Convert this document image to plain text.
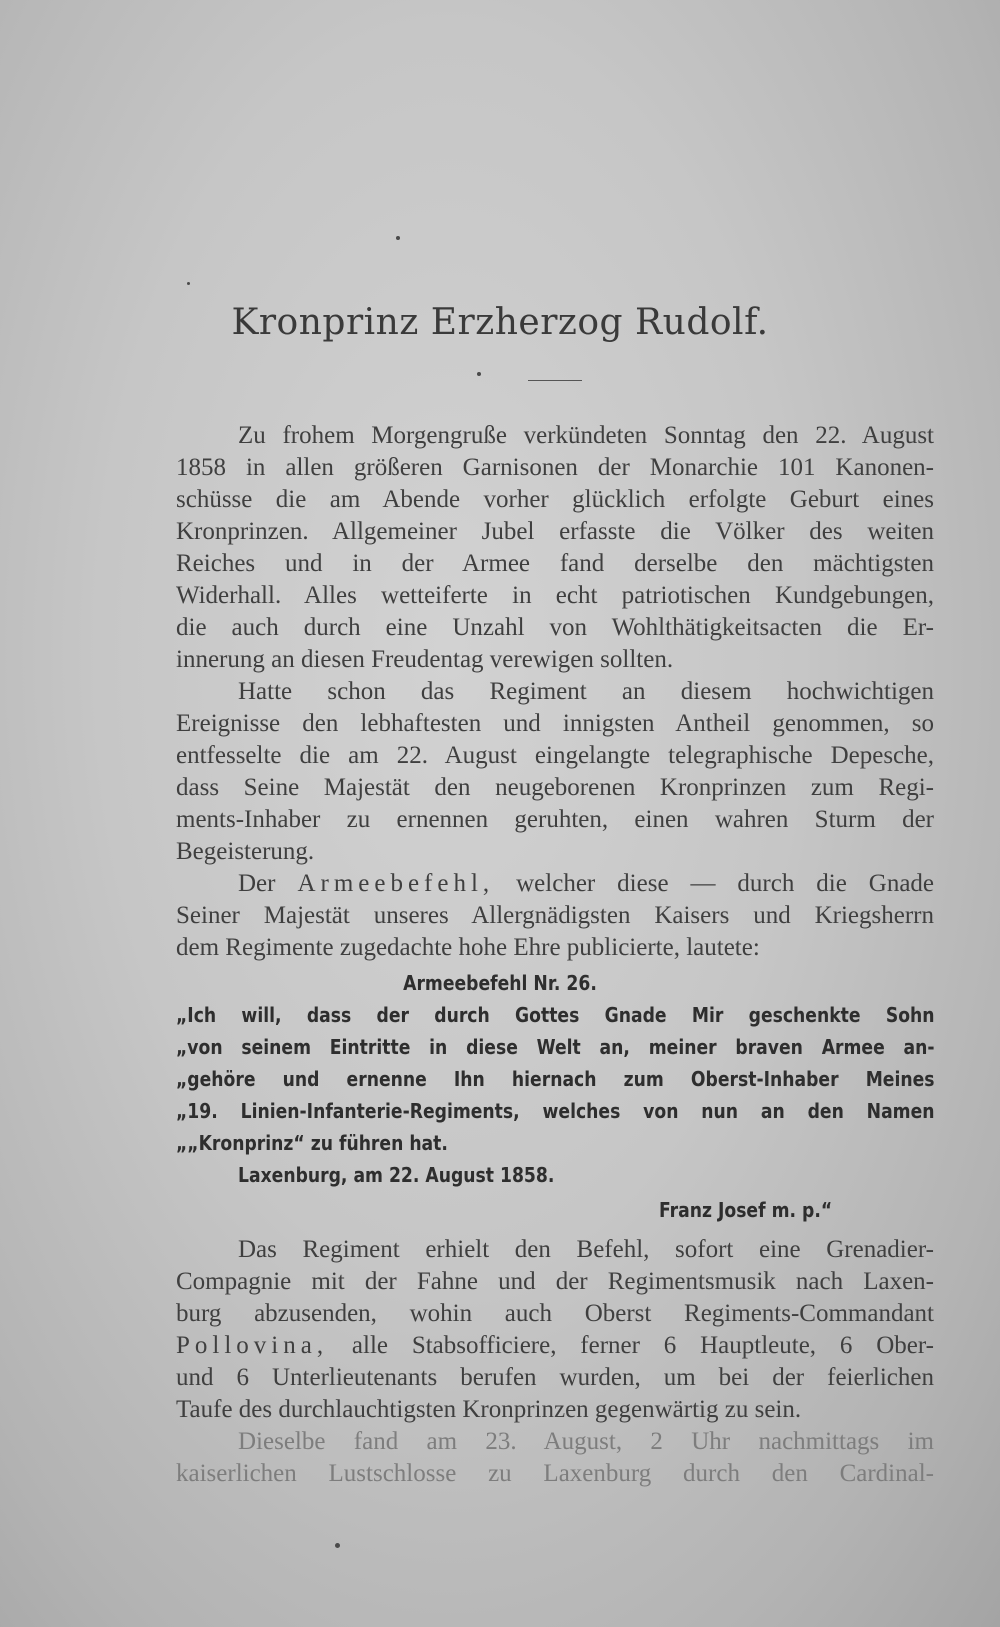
Kronprinz Erzherzog Rudolf.
Zu frohem Morgengruße verkündeten Sonntag den 22. August
1858 in allen größeren Garnisonen der Monarchie 101 Kanonen-
schüsse die am Abende vorher glücklich erfolgte Geburt eines
Kronprinzen. Allgemeiner Jubel erfasste die Völker des weiten
Reiches und in der Armee fand derselbe den mächtigsten
Widerhall. Alles wetteiferte in echt patriotischen Kundgebungen,
die auch durch eine Unzahl von Wohlthätigkeitsacten die Er-
innerung an diesen Freudentag verewigen sollten.
Hatte schon das Regiment an diesem hochwichtigen
Ereignisse den lebhaftesten und innigsten Antheil genommen, so
entfesselte die am 22. August eingelangte telegraphische Depesche,
dass Seine Majestät den neugeborenen Kronprinzen zum Regi-
ments-Inhaber zu ernennen geruhten, einen wahren Sturm der
Begeisterung.
Der Armeebefehl, welcher diese — durch die Gnade
Seiner Majestät unseres Allergnädigsten Kaisers und Kriegsherrn
dem Regimente zugedachte hohe Ehre publicierte, lautete:
Armeebefehl Nr. 26.
„Ich will, dass der durch Gottes Gnade Mir geschenkte Sohn
„von seinem Eintritte in diese Welt an, meiner braven Armee an-
„gehöre und ernenne Ihn hiernach zum Oberst-Inhaber Meines
„19. Linien-Infanterie-Regiments, welches von nun an den Namen
„„Kronprinz“ zu führen hat.
Laxenburg, am 22. August 1858.
Franz Josef m. p.“
Das Regiment erhielt den Befehl, sofort eine Grenadier-
Compagnie mit der Fahne und der Regimentsmusik nach Laxen-
burg abzusenden, wohin auch Oberst Regiments-Commandant
Pollovina, alle Stabsofficiere, ferner 6 Hauptleute, 6 Ober-
und 6 Unterlieutenants berufen wurden, um bei der feierlichen
Taufe des durchlauchtigsten Kronprinzen gegenwärtig zu sein.
Dieselbe fand am 23. August, 2 Uhr nachmittags im
kaiserlichen Lustschlosse zu Laxenburg durch den Cardinal-
